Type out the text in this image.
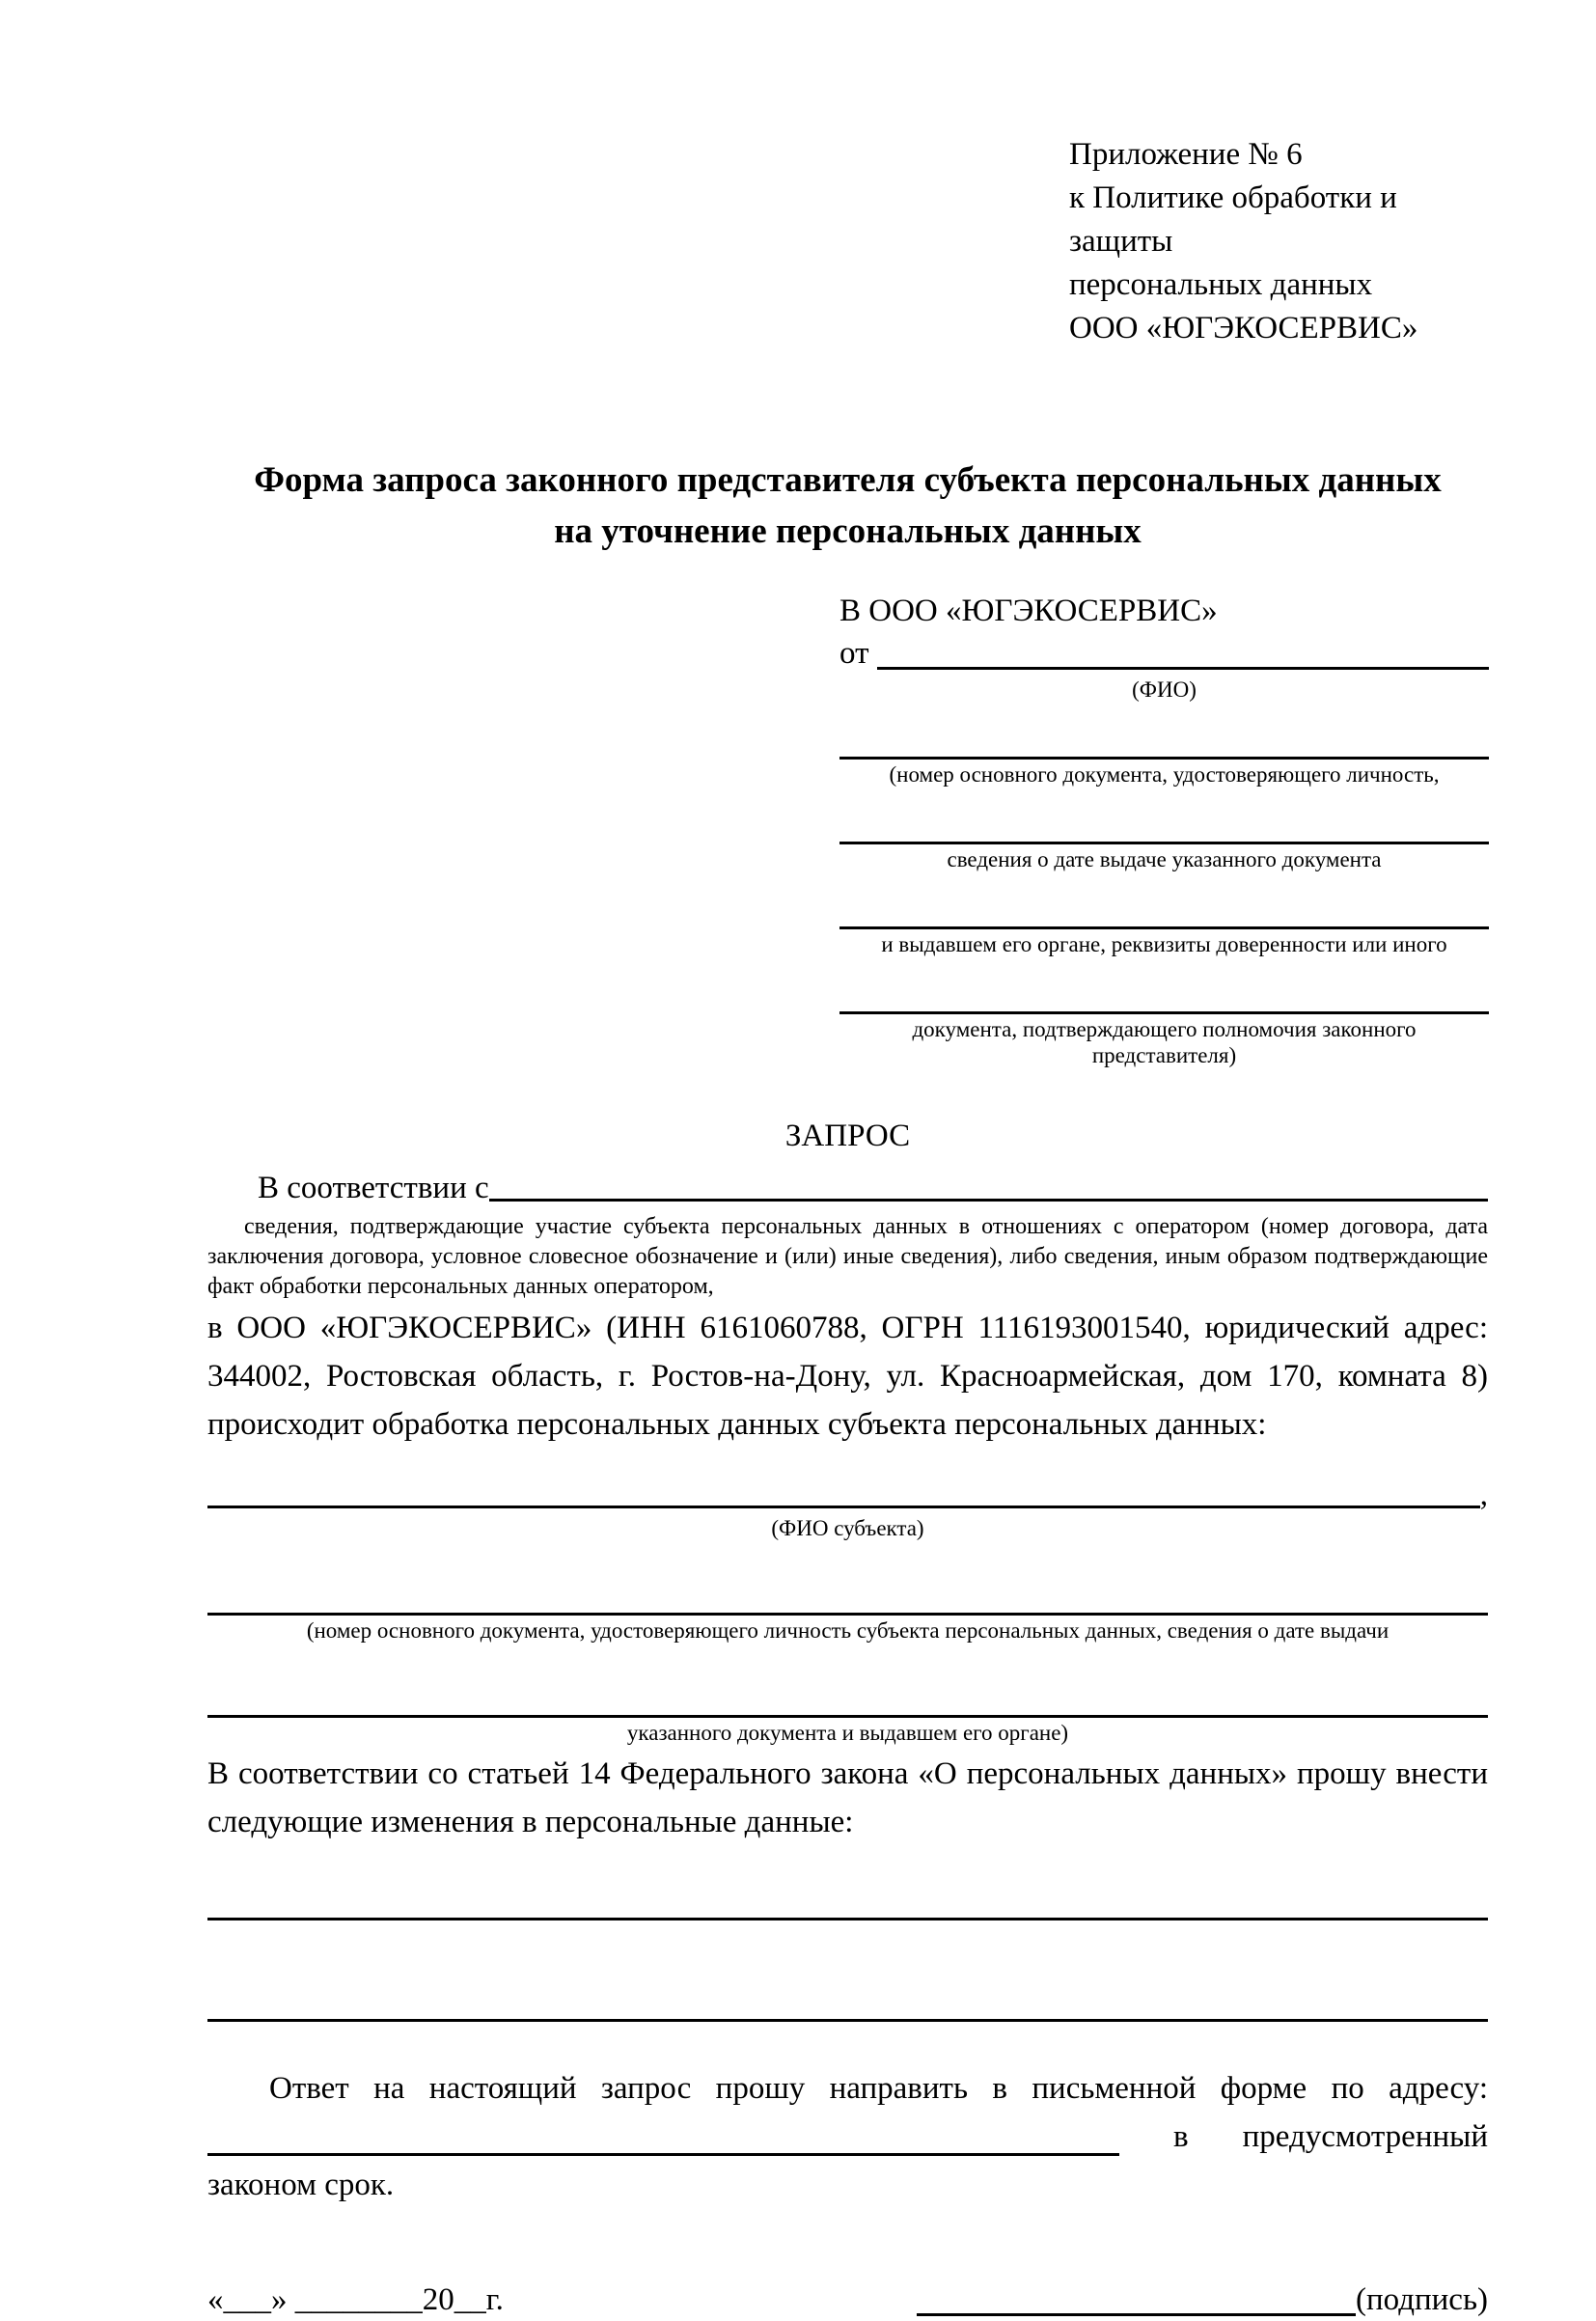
Приложение № 6
к Политике обработки и защиты
персональных данных
ООО «ЮГЭКОСЕРВИС»
Форма запроса законного представителя субъекта персональных данных
на уточнение персональных данных
В ООО «ЮГЭКОСЕРВИС»
от
(ФИО)
(номер основного документа, удостоверяющего личность,
сведения о дате выдаче указанного документа
и выдавшем его органе, реквизиты доверенности или иного
документа, подтверждающего полномочия законного представителя)
ЗАПРОС
В соответствии с
сведения, подтверждающие участие субъекта персональных данных в отношениях с оператором (номер договора, дата заключения договора, условное словесное обозначение и (или) иные сведения), либо сведения, иным образом подтверждающие факт обработки персональных данных оператором,
в ООО «ЮГЭКОСЕРВИС» (ИНН 6161060788, ОГРН 1116193001540, юридический адрес: 344002, Ростовская область, г. Ростов-на-Дону, ул. Красноармейская, дом 170, комната 8) происходит обработка персональных данных субъекта персональных данных:
,
(ФИО субъекта)
(номер основного документа, удостоверяющего личность субъекта персональных данных, сведения о дате выдачи
указанного документа и выдавшем его органе)
В соответствии со статьей 14 Федерального закона «О персональных данных» прошу внести следующие изменения в персональные данные:
Ответ на настоящий запрос прошу направить в письменной форме по адресу:
в предусмотренный
законом срок.
«___» ________20__г.	(подпись)
